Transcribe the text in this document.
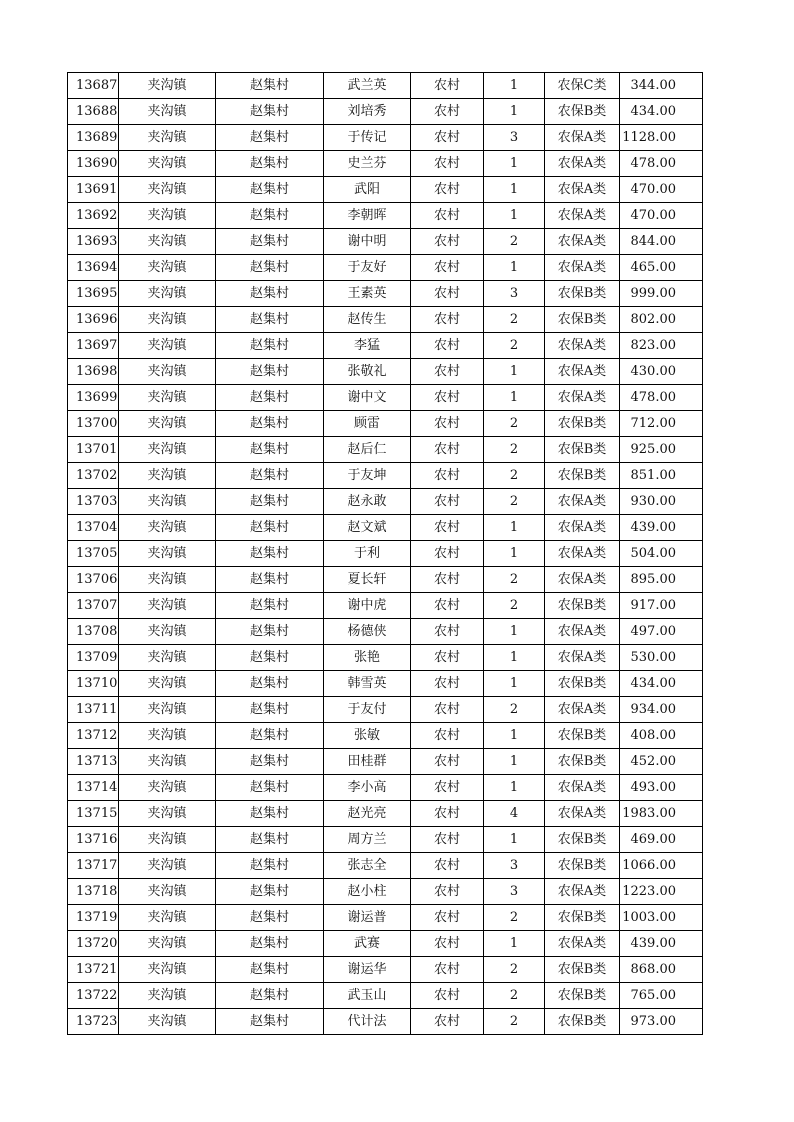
13687	夹沟镇	赵集村	武兰英	农村	1	农保C类	344.00
13688	夹沟镇	赵集村	刘培秀	农村	1	农保B类	434.00
13689	夹沟镇	赵集村	于传记	农村	3	农保A类	1128.00
13690	夹沟镇	赵集村	史兰芬	农村	1	农保A类	478.00
13691	夹沟镇	赵集村	武阳	农村	1	农保A类	470.00
13692	夹沟镇	赵集村	李朝晖	农村	1	农保A类	470.00
13693	夹沟镇	赵集村	谢中明	农村	2	农保A类	844.00
13694	夹沟镇	赵集村	于友好	农村	1	农保A类	465.00
13695	夹沟镇	赵集村	王素英	农村	3	农保B类	999.00
13696	夹沟镇	赵集村	赵传生	农村	2	农保B类	802.00
13697	夹沟镇	赵集村	李猛	农村	2	农保A类	823.00
13698	夹沟镇	赵集村	张敬礼	农村	1	农保A类	430.00
13699	夹沟镇	赵集村	谢中文	农村	1	农保A类	478.00
13700	夹沟镇	赵集村	顾雷	农村	2	农保B类	712.00
13701	夹沟镇	赵集村	赵后仁	农村	2	农保B类	925.00
13702	夹沟镇	赵集村	于友坤	农村	2	农保B类	851.00
13703	夹沟镇	赵集村	赵永敢	农村	2	农保A类	930.00
13704	夹沟镇	赵集村	赵文斌	农村	1	农保A类	439.00
13705	夹沟镇	赵集村	于利	农村	1	农保A类	504.00
13706	夹沟镇	赵集村	夏长轩	农村	2	农保A类	895.00
13707	夹沟镇	赵集村	谢中虎	农村	2	农保B类	917.00
13708	夹沟镇	赵集村	杨德侠	农村	1	农保A类	497.00
13709	夹沟镇	赵集村	张艳	农村	1	农保A类	530.00
13710	夹沟镇	赵集村	韩雪英	农村	1	农保B类	434.00
13711	夹沟镇	赵集村	于友付	农村	2	农保A类	934.00
13712	夹沟镇	赵集村	张敏	农村	1	农保B类	408.00
13713	夹沟镇	赵集村	田桂群	农村	1	农保B类	452.00
13714	夹沟镇	赵集村	李小高	农村	1	农保A类	493.00
13715	夹沟镇	赵集村	赵光亮	农村	4	农保A类	1983.00
13716	夹沟镇	赵集村	周方兰	农村	1	农保B类	469.00
13717	夹沟镇	赵集村	张志全	农村	3	农保B类	1066.00
13718	夹沟镇	赵集村	赵小柱	农村	3	农保A类	1223.00
13719	夹沟镇	赵集村	谢运普	农村	2	农保B类	1003.00
13720	夹沟镇	赵集村	武赛	农村	1	农保A类	439.00
13721	夹沟镇	赵集村	谢运华	农村	2	农保B类	868.00
13722	夹沟镇	赵集村	武玉山	农村	2	农保B类	765.00
13723	夹沟镇	赵集村	代计法	农村	2	农保B类	973.00
